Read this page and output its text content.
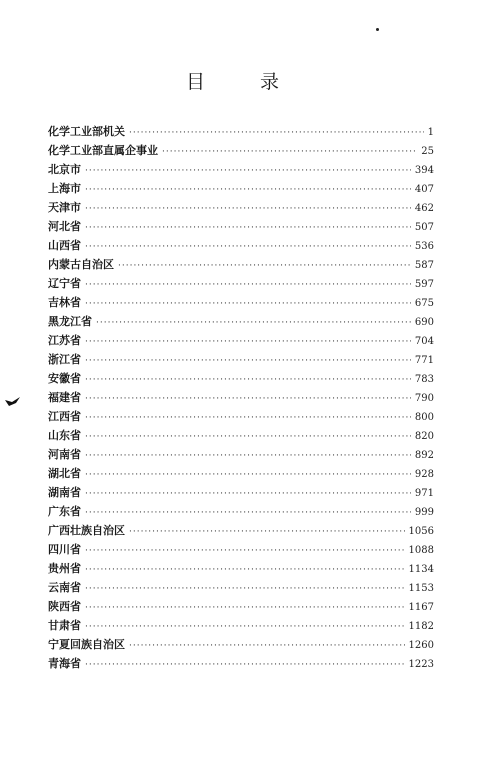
目	录
化学工业部机关 ·····	1
化学工业部直属企事业 ·····	25
北京市 ·····	394
上海市 ·····	407
天津市 ·····	462
河北省 ·····	507
山西省 ·····	536
内蒙古自治区 ·····	587
辽宁省 ·····	597
吉林省 ·····	675
黑龙江省 ·····	690
江苏省 ·····	704
浙江省 ·····	771
安徽省 ·····	783
福建省 ·····	790
江西省 ·····	800
山东省 ·····	820
河南省 ·····	892
湖北省 ·····	928
湖南省 ·····	971
广东省 ·····	999
广西壮族自治区 ·····	1056
四川省 ·····	1088
贵州省 ·····	1134
云南省 ·····	1153
陕西省 ·····	1167
甘肃省 ·····	1182
宁夏回族自治区 ·····	1260
青海省 ·····	1223
